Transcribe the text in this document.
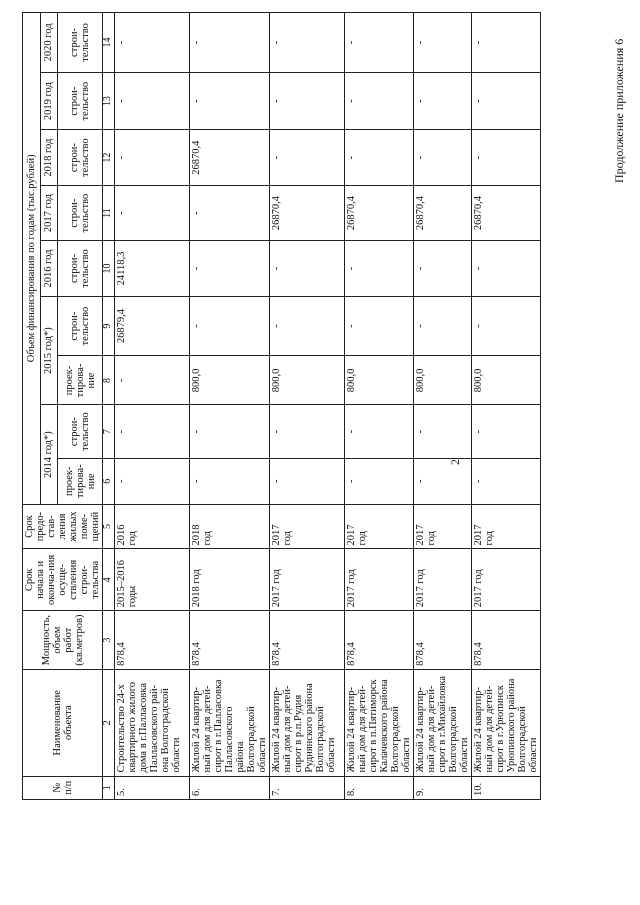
2
Продолжение приложения 6
№ п/п	Наименование объекта	Мощность, объем работ (кв.метров)	Срок начала и оконча-ния осуще-ствления строи-тельства	Срок предо-став-ления жилых поме-щений	Объем финансирования по годам (тыс.рублей)								
					2014 год*)		2015 год*)		2016 год	2017 год	2018 год	2019 год	2020 год
					проек-тирова-ние	строи-тельство	проек-тирова-ние	строи-тельство	строи-тельство	строи-тельство	строи-тельство	строи-тельство	строи-тельство
1	2	3	4	5	6	7	8	9	10	11	12	13	14
5.	Строительство 24-х квартирного жилого дома в г.Палласовка Палласовского рай-она Волгоградской области	878,4	2015–2016 годы	2016 год	-	-	-	26879,4	24118,3	-	-	-	-
6.	Жилой 24 квартир-ный дом для детей-сирот в г.Палласовка Палласовского района Волгоградской области	878,4	2018 год	2018 год	-	-	800,0	-	-	-	26870,4	-	-
7.	Жилой 24 квартир-ный дом для детей-сирот в р.п.Рудня Руднянского района Волгоградской области	878,4	2017 год	2017 год	-	-	800,0	-	-	26870,4	-	-	-
8.	Жилой 24 квартир-ный дом для детей-сирот в п.Пятиморск Калачевского района Волгоградской области	878,4	2017 год	2017 год	-	-	800,0	-	-	26870,4	-	-	-
9.	Жилой 24 квартир-ный дом для детей-сирот в г.Михайловка Волгоградской области	878,4	2017 год	2017 год	-	-	800,0	-	-	26870,4	-	-	-
10.	Жилой 24 квартир-ный дом для детей-сирот в г.Урюпинск Урюпинского района Волгоградской области	878,4	2017 год	2017 год	-	-	800,0	-	-	26870,4	-	-	-
